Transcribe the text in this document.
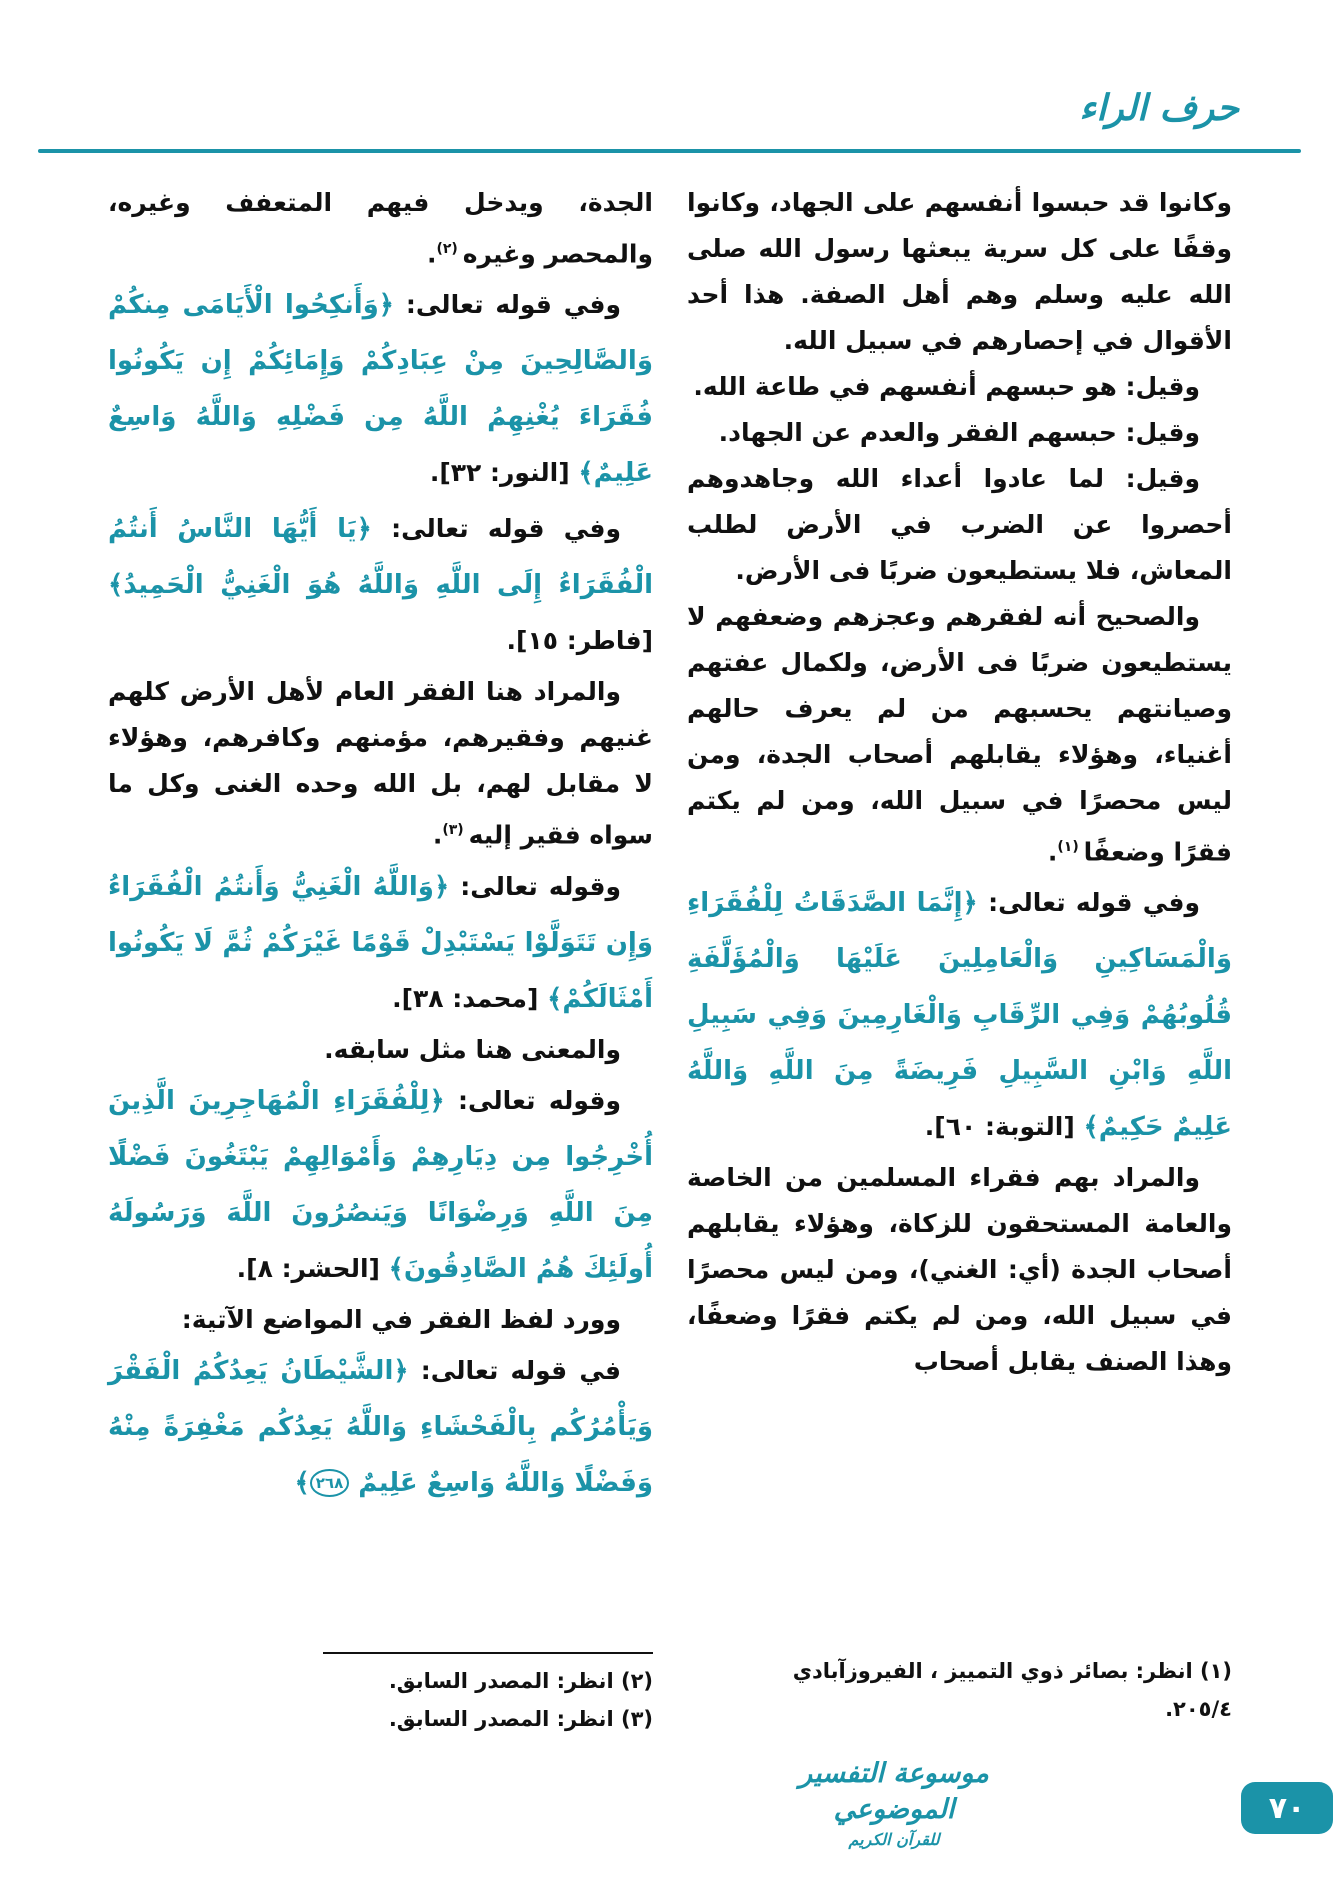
حرف الراء

وكانوا قد حبسوا أنفسهم على الجهاد، وكانوا وقفًا على كل سرية يبعثها رسول الله صلى الله عليه وسلم وهم أهل الصفة. هذا أحد الأقوال في إحصارهم في سبيل الله.

وقيل: هو حبسهم أنفسهم في طاعة الله.

وقيل: حبسهم الفقر والعدم عن الجهاد.

وقيل: لما عادوا أعداء الله وجاهدوهم أحصروا عن الضرب في الأرض لطلب المعاش، فلا يستطيعون ضربًا فى الأرض.

والصحيح أنه لفقرهم وعجزهم وضعفهم لا يستطيعون ضربًا فى الأرض، ولكمال عفتهم وصيانتهم يحسبهم من لم يعرف حالهم أغنياء، وهؤلاء يقابلهم أصحاب الجدة، ومن ليس محصرًا في سبيل الله، ومن لم يكتم فقرًا وضعفًا $^{(١)}$.

وفي قوله تعالى: ﴿إِنَّمَا الصَّدَقَاتُ لِلْفُقَرَاءِ وَالْمَسَاكِينِ وَالْعَامِلِينَ عَلَيْهَا وَالْمُؤَلَّفَةِ قُلُوبُهُمْ وَفِي الرِّقَابِ وَالْغَارِمِينَ وَفِي سَبِيلِ اللَّهِ وَابْنِ السَّبِيلِ فَرِيضَةً مِنَ اللَّهِ وَاللَّهُ عَلِيمٌ حَكِيمٌ﴾ [التوبة: ٦٠].

والمراد بهم فقراء المسلمين من الخاصة والعامة المستحقون للزكاة، وهؤلاء يقابلهم أصحاب الجدة (أي: الغني)، ومن ليس محصرًا في سبيل الله، ومن لم يكتم فقرًا وضعفًا، وهذا الصنف يقابل أصحاب

الجدة، ويدخل فيهم المتعفف وغيره، والمحصر وغيره $^{(٢)}$.

وفي قوله تعالى: ﴿وَأَنكِحُوا الْأَيَامَى مِنكُمْ وَالصَّالِحِينَ مِنْ عِبَادِكُمْ وَإِمَائِكُمْ إِن يَكُونُوا فُقَرَاءَ يُغْنِهِمُ اللَّهُ مِن فَضْلِهِ وَاللَّهُ وَاسِعٌ عَلِيمٌ﴾ [النور: ٣٢].

وفي قوله تعالى: ﴿يَا أَيُّهَا النَّاسُ أَنتُمُ الْفُقَرَاءُ إِلَى اللَّهِ وَاللَّهُ هُوَ الْغَنِيُّ الْحَمِيدُ﴾ [فاطر: ١٥].

والمراد هنا الفقر العام لأهل الأرض كلهم غنيهم وفقيرهم، مؤمنهم وكافرهم، وهؤلاء لا مقابل لهم، بل الله وحده الغنى وكل ما سواه فقير إليه $^{(٣)}$.

وقوله تعالى: ﴿وَاللَّهُ الْغَنِيُّ وَأَنتُمُ الْفُقَرَاءُ وَإِن تَتَوَلَّوْا يَسْتَبْدِلْ قَوْمًا غَيْرَكُمْ ثُمَّ لَا يَكُونُوا أَمْثَالَكُمْ﴾ [محمد: ٣٨].

والمعنى هنا مثل سابقه.

وقوله تعالى: ﴿لِلْفُقَرَاءِ الْمُهَاجِرِينَ الَّذِينَ أُخْرِجُوا مِن دِيَارِهِمْ وَأَمْوَالِهِمْ يَبْتَغُونَ فَضْلًا مِنَ اللَّهِ وَرِضْوَانًا وَيَنصُرُونَ اللَّهَ وَرَسُولَهُ أُولَئِكَ هُمُ الصَّادِقُونَ﴾ [الحشر: ٨].

وورد لفظ الفقر في المواضع الآتية:

في قوله تعالى: ﴿الشَّيْطَانُ يَعِدُكُمُ الْفَقْرَ وَيَأْمُرُكُم بِالْفَحْشَاءِ وَاللَّهُ يَعِدُكُم مَغْفِرَةً مِنْهُ وَفَضْلًا وَاللَّهُ وَاسِعٌ عَلِيمٌ ٢٦٨﴾

(١) انظر: بصائر ذوي التمييز ، الفيروزآبادي
٢٠٥/٤.
(٢) انظر: المصدر السابق.
(٣) انظر: المصدر السابق.
موسوعة التفسير الموضوعي
للقرآن الكريم
٧٠
